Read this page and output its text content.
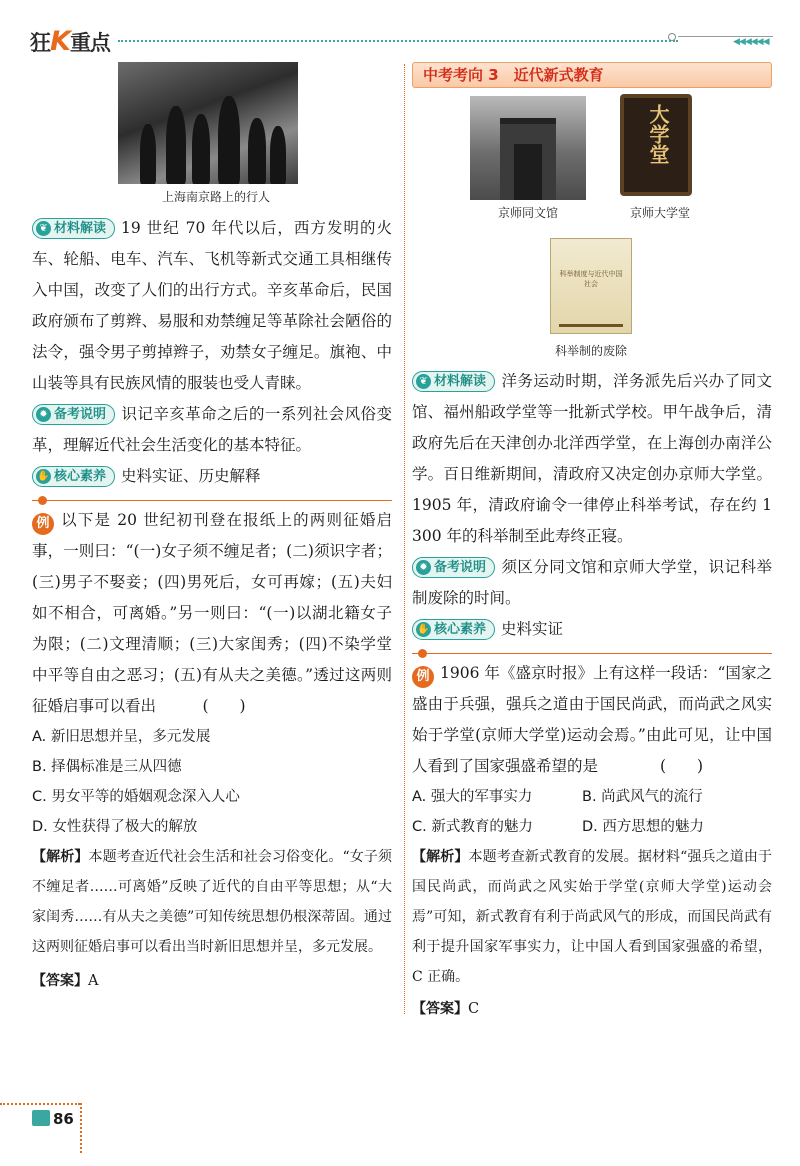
狂K重点	◀◀◀◀◀◀
上海南京路上的行人
❦ 材料解读 19 世纪 70 年代以后，西方发明的火车、轮船、电车、汽车、飞机等新式交通工具相继传入中国，改变了人们的出行方式。辛亥革命后，民国政府颁布了剪辫、易服和劝禁缠足等革除社会陋俗的法令，强令男子剪掉辫子，劝禁女子缠足。旗袍、中山装等具有民族风情的服装也受人青睐。
✹ 备考说明 识记辛亥革命之后的一系列社会风俗变革，理解近代社会生活变化的基本特征。
✋ 核心素养 史料实证、历史解释
例 以下是 20 世纪初刊登在报纸上的两则征婚启事，一则曰：“(一)女子须不缠足者；(二)须识字者；(三)男子不娶妾；(四)男死后，女可再嫁；(五)夫妇如不相合，可离婚。”另一则曰：“(一)以湖北籍女子为限；(二)文理清顺；(三)大家闺秀；(四)不染学堂中平等自由之恶习；(五)有从夫之美德。”透过这两则征婚启事可以看出　　　(　　)
A. 新旧思想并呈，多元发展
B. 择偶标准是三从四德
C. 男女平等的婚姻观念深入人心
D. 女性获得了极大的解放
【解析】本题考查近代社会生活和社会习俗变化。“女子须不缠足者……可离婚”反映了近代的自由平等思想；从“大家闺秀……有从夫之美德”可知传统思想仍根深蒂固。通过这两则征婚启事可以看出当时新旧思想并呈，多元发展。
【答案】A
中考考向 3　近代新式教育
京师同文馆
大学堂
京师大学堂
科举制度与近代中国社会
科举制的废除
❦ 材料解读 洋务运动时期，洋务派先后兴办了同文馆、福州船政学堂等一批新式学校。甲午战争后，清政府先后在天津创办北洋西学堂，在上海创办南洋公学。百日维新期间，清政府又决定创办京师大学堂。1905 年，清政府谕令一律停止科举考试，存在约 1 300 年的科举制至此寿终正寝。
✹ 备考说明 须区分同文馆和京师大学堂，识记科举制废除的时间。
✋ 核心素养 史料实证
例 1906 年《盛京时报》上有这样一段话：“国家之盛由于兵强，强兵之道由于国民尚武，而尚武之风实始于学堂(京师大学堂)运动会焉。”由此可见，让中国人看到了国家强盛希望的是　　　　(　　)
A. 强大的军事实力	B. 尚武风气的流行
C. 新式教育的魅力	D. 西方思想的魅力
【解析】本题考查新式教育的发展。据材料“强兵之道由于国民尚武，而尚武之风实始于学堂(京师大学堂)运动会焉”可知，新式教育有利于尚武风气的形成，而国民尚武有利于提升国家军事实力，让中国人看到国家强盛的希望，C 正确。
【答案】C
86
